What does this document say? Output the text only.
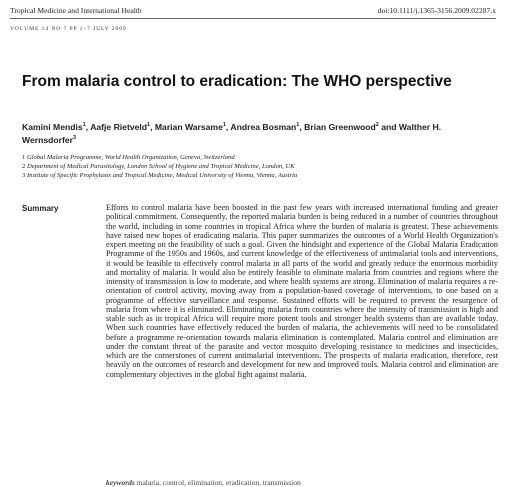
Tropical Medicine and International Health	doi:10.1111/j.1365-3156.2009.02287.x
VOLUME 14 NO 7 PP 1–7 JULY 2009
From malaria control to eradication: The WHO perspective
Kamini Mendis$^1$, Aafje Rietveld$^1$, Marian Warsame$^1$, Andrea Bosman$^1$, Brian Greenwood$^2$ and Walther H. Wernsdorfer$^3$
1 Global Malaria Programme, World Health Organization, Geneva, Switzerland
2 Department of Medical Parasitology, London School of Hygiene and Tropical Medicine, London, UK
3 Institute of Specific Prophylaxis and Tropical Medicine, Medical University of Vienna, Vienna, Austria
Summary	Efforts to control malaria have been boosted in the past few years with increased international funding and greater political commitment. Consequently, the reported malaria burden is being reduced in a number of countries throughout the world, including in some countries in tropical Africa where the burden of malaria is greatest. These achievements have raised new hopes of eradicating malaria. This paper summarizes the outcomes of a World Health Organization's expert meeting on the feasibility of such a goal. Given the hindsight and experience of the Global Malaria Eradication Programme of the 1950s and 1960s, and current knowledge of the effectiveness of antimalarial tools and interventions, it would be feasible to effectively control malaria in all parts of the world and greatly reduce the enormous morbidity and mortality of malaria. It would also be entirely feasible to eliminate malaria from countries and regions where the intensity of transmission is low to moderate, and where health systems are strong. Elimination of malaria requires a re-orientation of control activity, moving away from a population-based coverage of interventions, to one based on a programme of effective surveillance and response. Sustained efforts will be required to prevent the resurgence of malaria from where it is eliminated. Eliminating malaria from countries where the intensity of transmission is high and stable such as in tropical Africa will require more potent tools and stronger health systems than are available today. When such countries have effectively reduced the burden of malaria, the achievements will need to be consolidated before a programme re-orientation towards malaria elimination is contemplated. Malaria control and elimination are under the constant threat of the parasite and vector mosquito developing resistance to medicines and insecticides, which are the cornerstones of current antimalarial interventions. The prospects of malaria eradication, therefore, rest heavily on the outcomes of research and development for new and improved tools. Malaria control and elimination are complementary objectives in the global fight against malaria.

keywords malaria, control, elimination, eradication, transmission
